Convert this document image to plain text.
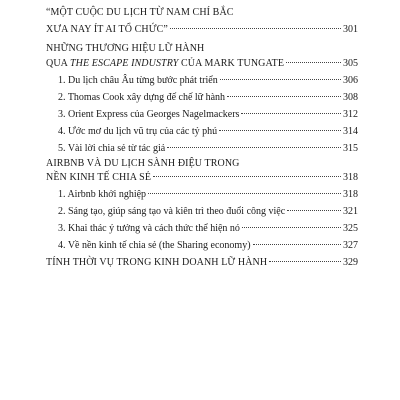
“MỘT CUỘC DU LỊCH TỪ NAM CHÍ BẮC
XƯA NAY ÍT AI TỔ CHỨC”	301
NHỮNG THƯƠNG HIỆU LỮ HÀNH
QUA THE ESCAPE INDUSTRY CỦA MARK TUNGATE	305
1. Du lịch châu Âu từng bước phát triển	306
2. Thomas Cook xây dựng đế chế lữ hành	308
3. Orient Express của Georges Nagelmackers	312
4. Ước mơ du lịch vũ trụ của các tỷ phú	314
5. Vài lời chia sẻ từ tác giả	315
AIRBNB VÀ DU LỊCH SÀNH ĐIỆU TRONG
NỀN KINH TẾ CHIA SẺ	318
1. Airbnb khởi nghiệp	318
2. Sáng tạo, giúp sáng tạo và kiên trì theo đuổi công việc	321
3. Khai thác ý tưởng và cách thức thể hiện nó	325
4. Về nền kinh tế chia sẻ (the Sharing economy)	327
TÍNH THỜI VỤ TRONG KINH DOANH LỮ HÀNH	329
